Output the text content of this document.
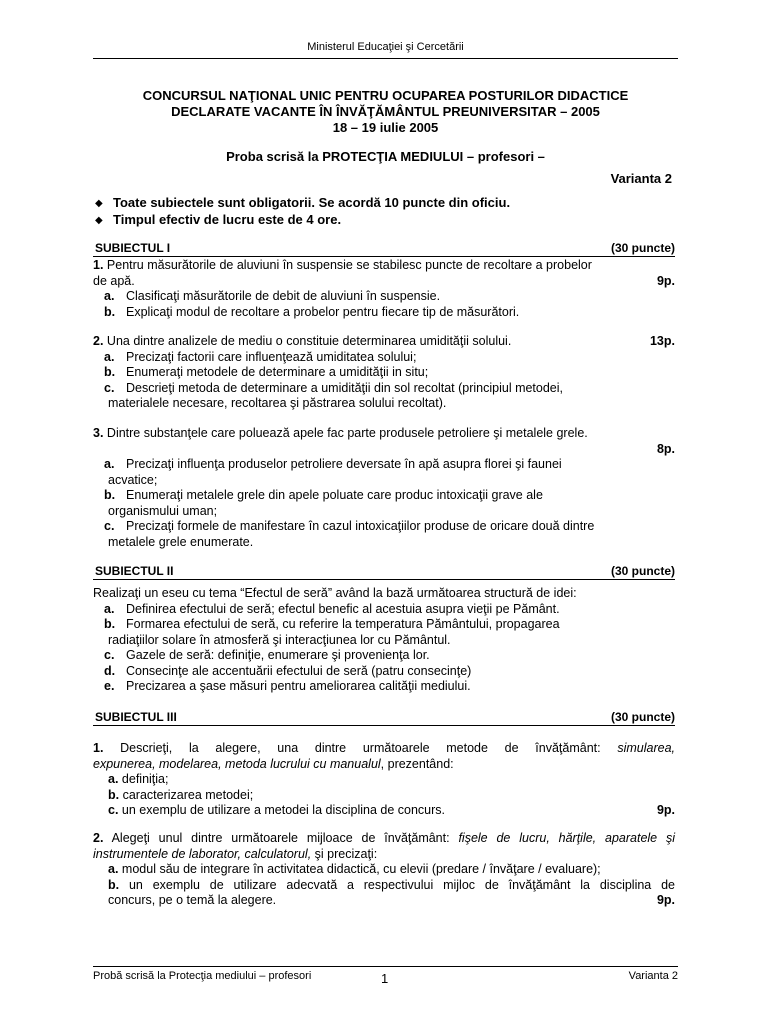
Ministerul Educaţiei şi Cercetării
CONCURSUL NAŢIONAL UNIC PENTRU OCUPAREA POSTURILOR DIDACTICE
DECLARATE VACANTE ÎN ÎNVĂŢĂMÂNTUL PREUNIVERSITAR – 2005
18 – 19 iulie 2005
Proba scrisă la PROTECŢIA MEDIULUI – profesori –
Varianta 2
◆ Toate subiectele sunt obligatorii. Se acordă 10 puncte din oficiu.
◆ Timpul efectiv de lucru este de 4 ore.
SUBIECTUL I	(30 puncte)
1. Pentru măsurătorile de aluviuni în suspensie se stabilesc puncte de recoltare a probelor
de apă.	9p.
a. Clasificaţi măsurătorile de debit de aluviuni în suspensie.
b. Explicaţi modul de recoltare a probelor pentru fiecare tip de măsurători.
2. Una dintre analizele de mediu o constituie determinarea umidităţii solului.	13p.
a. Precizaţi factorii care influenţează umiditatea solului;
b. Enumeraţi metodele de determinare a umidităţii in situ;
c. Descrieţi metoda de determinare a umidităţii din sol recoltat (principiul metodei,
materialele necesare, recoltarea şi păstrarea solului recoltat).
3. Dintre substanţele care poluează apele fac parte produsele petroliere şi metalele grele.
8p.
a. Precizaţi influenţa produselor petroliere deversate în apă asupra florei şi faunei
acvatice;
b. Enumeraţi metalele grele din apele poluate care produc intoxicaţii grave ale
organismului uman;
c. Precizaţi formele de manifestare în cazul intoxicaţiilor produse de oricare două dintre
metalele grele enumerate.
SUBIECTUL II	(30 puncte)
Realizaţi un eseu cu tema “Efectul de seră” având la bază următoarea structură de idei:
a. Definirea efectului de seră; efectul benefic al acestuia asupra vieţii pe Pământ.
b. Formarea efectului de seră, cu referire la temperatura Pământului, propagarea
radiaţiilor solare în atmosferă şi interacţiunea lor cu Pământul.
c. Gazele de seră: definiţie, enumerare şi provenienţa lor.
d. Consecinţe ale accentuării efectului de seră (patru consecinţe)
e. Precizarea a şase măsuri pentru ameliorarea calităţii mediului.
SUBIECTUL III	(30 puncte)
1. Descrieţi, la alegere, una dintre următoarele metode de învăţământ: simularea,
expunerea, modelarea, metoda lucrului cu manualul, prezentând:
a. definiţia;
b. caracterizarea metodei;
c. un exemplu de utilizare a metodei la disciplina de concurs.	9p.
2. Alegeţi unul dintre următoarele mijloace de învăţământ: fişele de lucru, hărţile, aparatele şi
instrumentele de laborator, calculatorul, şi precizaţi:
a. modul său de integrare în activitatea didactică, cu elevii (predare / învăţare / evaluare);
b. un exemplu de utilizare adecvată a respectivului mijloc de învăţământ la disciplina de
concurs, pe o temă la alegere.	9p.
Probă scrisă la Protecţia mediului – profesori	1	Varianta 2
